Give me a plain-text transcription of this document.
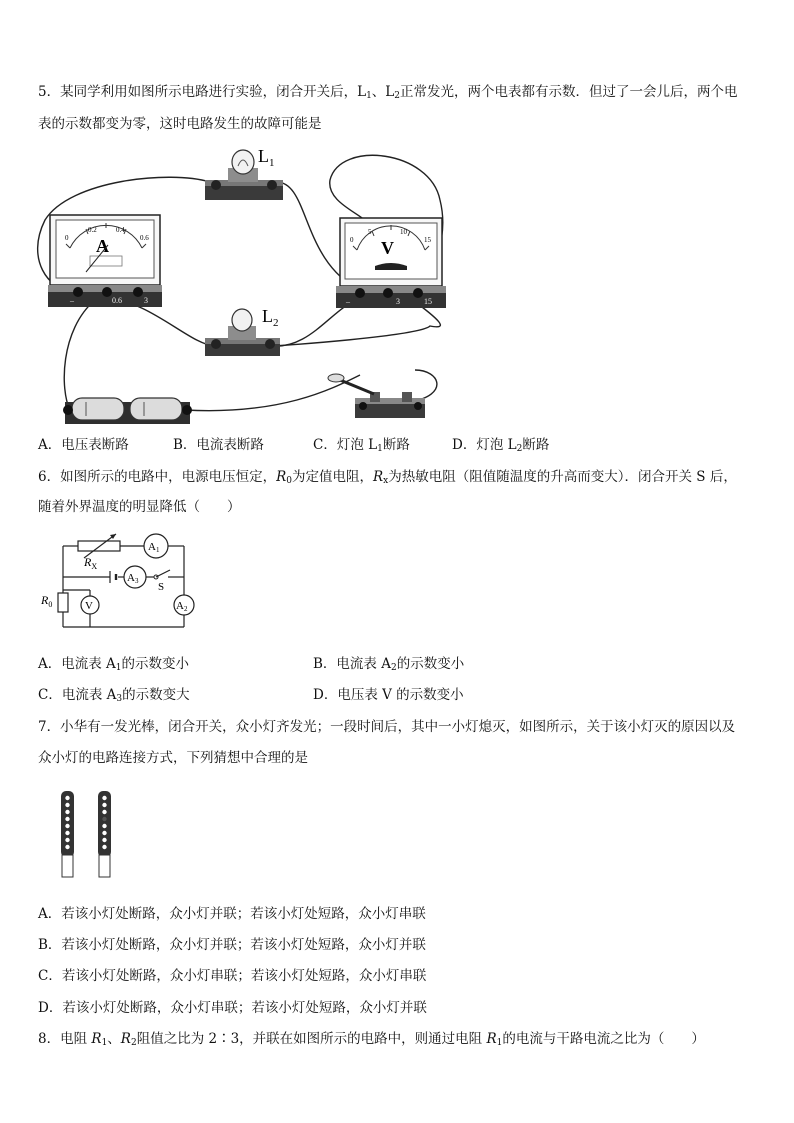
5．某同学利用如图所示电路进行实验，闭合开关后，$L_1$、$L_2$正常发光，两个电表都有示数．但过了一会儿后，两个电
表的示数都变为零，这时电路发生的故障可能是
$L_1$
0
0.2	0.4
0.6
A
–	0.6	3
0
5	10
15
V
–	3	15
$L_2$
A．电压表断路	B．电流表断路	C．灯泡 $L_1$断路	D．灯泡 $L_2$断路
6．如图所示的电路中，电源电压恒定，$R_0$为定值电阻，$R_x$为热敏电阻（阻值随温度的升高而变大）．闭合开关 S 后，
随着外界温度的明显降低（　　）
$R_X$
A1
A3 S
$R_0$	V	A2
A．电流表 $A_1$的示数变小	B．电流表 $A_2$的示数变小
C．电流表 $A_3$的示数变大	D．电压表 V 的示数变小
7．小华有一发光棒，闭合开关，众小灯齐发光；一段时间后，其中一小灯熄灭，如图所示，关于该小灯灭的原因以及
众小灯的电路连接方式，下列猜想中合理的是
A．若该小灯处断路，众小灯并联；若该小灯处短路，众小灯串联
B．若该小灯处断路，众小灯并联；若该小灯处短路，众小灯并联
C．若该小灯处断路，众小灯串联；若该小灯处短路，众小灯串联
D．若该小灯处断路，众小灯串联；若该小灯处短路，众小灯并联
8．电阻 $R_1$、$R_2$阻值之比为 2∶3，并联在如图所示的电路中，则通过电阻 $R_1$的电流与干路电流之比为（　　）
